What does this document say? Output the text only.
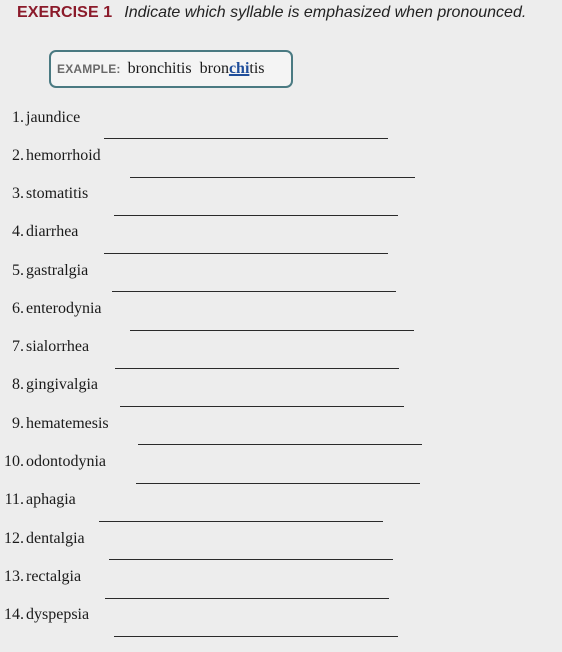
EXERCISE 1 Indicate which syllable is emphasized when pronounced.
EXAMPLE: bronchitis bronchitis
1. jaundice
2. hemorrhoid
3. stomatitis
4. diarrhea
5. gastralgia
6. enterodynia
7. sialorrhea
8. gingivalgia
9. hematemesis
10. odontodynia
11. aphagia
12. dentalgia
13. rectalgia
14. dyspepsia
